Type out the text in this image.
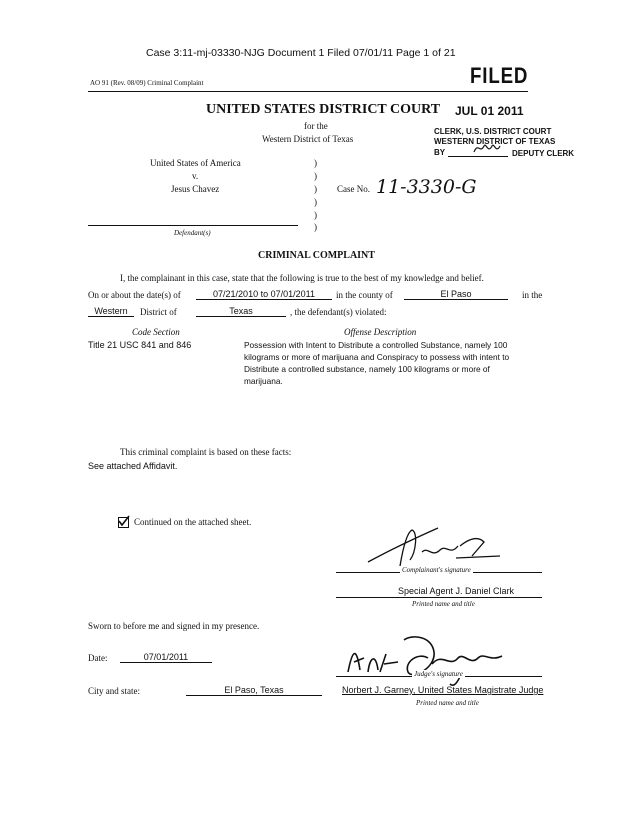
Case 3:11-mj-03330-NJG Document 1 Filed 07/01/11 Page 1 of 21
AO 91 (Rev. 08/09) Criminal Complaint	FILED
UNITED STATES DISTRICT COURT
for the
Western District of Texas
JUL 01 2011
CLERK, U.S. DISTRICT COURT
WESTERN DISTRICT OF TEXAS
BY	DEPUTY CLERK
United States of America
v.
Jesus Chavez
Defendant(s)
)
)
)
)
)
)
Case No. 11-3330-G
CRIMINAL COMPLAINT
I, the complainant in this case, state that the following is true to the best of my knowledge and belief.
On or about the date(s) of	07/21/2010 to 07/01/2011	in the county of	El Paso	in the
Western	District of	Texas	, the defendant(s) violated:
Code Section	Offense Description
Title 21 USC 841 and 846	Possession with Intent to Distribute a controlled Substance, namely 100
kilograms or more of marijuana and Conspiracy to possess with intent to
Distribute a controlled substance, namely 100 kilograms or more of
marijuana.
This criminal complaint is based on these facts:
See attached Affidavit.
Continued on the attached sheet.
Complainant's signature
Special Agent J. Daniel Clark
Printed name and title
Sworn to before me and signed in my presence.
Date:	07/01/2011
Judge's signature
City and state:	El Paso, Texas	Norbert J. Garney, United States Magistrate Judge
Printed name and title
